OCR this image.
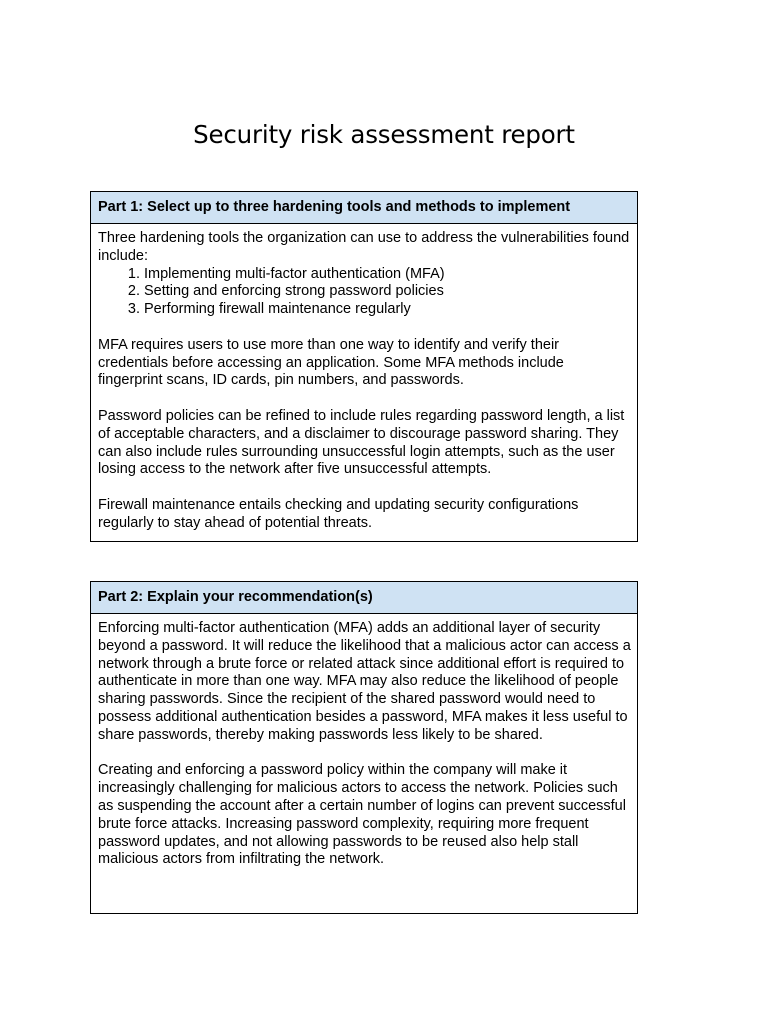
Security risk assessment report
Part 1: Select up to three hardening tools and methods to implement

Three hardening tools the organization can use to address the vulnerabilities found include:

1. Implementing multi-factor authentication (MFA)
2. Setting and enforcing strong password policies
3. Performing firewall maintenance regularly

MFA requires users to use more than one way to identify and verify their credentials before accessing an application. Some MFA methods include fingerprint scans, ID cards, pin numbers, and passwords.

Password policies can be refined to include rules regarding password length, a list of acceptable characters, and a disclaimer to discourage password sharing. They can also include rules surrounding unsuccessful login attempts, such as the user losing access to the network after five unsuccessful attempts.

Firewall maintenance entails checking and updating security configurations regularly to stay ahead of potential threats.

Part 2: Explain your recommendation(s)

Enforcing multi-factor authentication (MFA) adds an additional layer of security beyond a password. It will reduce the likelihood that a malicious actor can access a network through a brute force or related attack since additional effort is required to authenticate in more than one way. MFA may also reduce the likelihood of people sharing passwords. Since the recipient of the shared password would need to possess additional authentication besides a password, MFA makes it less useful to share passwords, thereby making passwords less likely to be shared.

Creating and enforcing a password policy within the company will make it increasingly challenging for malicious actors to access the network. Policies such as suspending the account after a certain number of logins can prevent successful brute force attacks. Increasing password complexity, requiring more frequent password updates, and not allowing passwords to be reused also help stall malicious actors from infiltrating the network.
